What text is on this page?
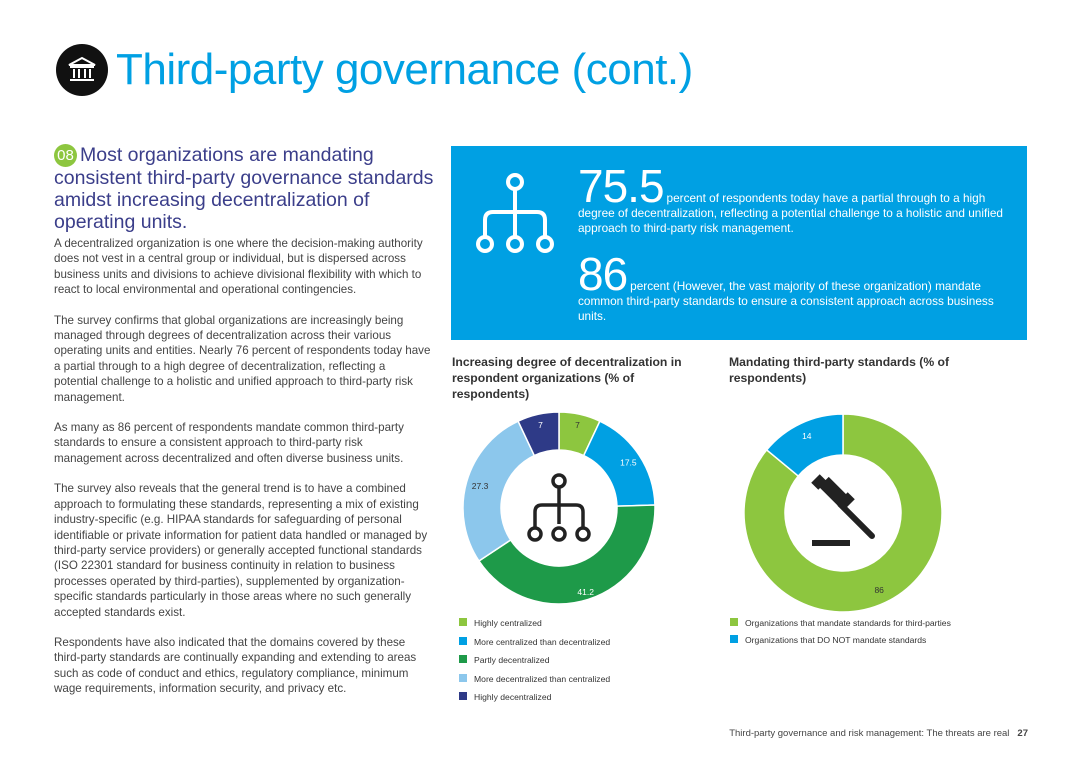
Third-party governance (cont.)
08 Most organizations are mandating consistent third-party governance standards amidst increasing decentralization of operating units.

A decentralized organization is one where the decision-making authority does not vest in a central group or individual, but is dispersed across business units and divisions to achieve divisional flexibility with which to react to local environmental and operational contingencies.

The survey confirms that global organizations are increasingly being managed through degrees of decentralization across their various operating units and entities. Nearly 76 percent of respondents today have a partial through to a high degree of decentralization, reflecting a potential challenge to a holistic and unified approach to third-party risk management.

As many as 86 percent of respondents mandate common third-party standards to ensure a consistent approach to third-party risk management across decentralized and often diverse business units.

The survey also reveals that the general trend is to have a combined approach to formulating these standards, representing a mix of existing industry-specific (e.g. HIPAA standards for safeguarding of personal identifiable or private information for patient data handled or managed by third-party service providers) or generally accepted functional standards (ISO 22301 standard for business continuity in relation to business processes operated by third-parties), supplemented by organization-specific standards particularly in those areas where no such generally accepted standards exist.

Respondents have also indicated that the domains covered by these third-party standards are continually expanding and extending to areas such as code of conduct and ethics, regulatory compliance, minimum wage requirements, information security, and privacy etc.

75.5 percent of respondents today have a partial through to a high degree of decentralization, reflecting a potential challenge to a holistic and unified approach to third-party risk management.
86 percent (However, the vast majority of these organization) mandate common third-party standards to ensure a consistent approach across business units.
Increasing degree of decentralization in respondent organizations (% of respondents)
7
17.5
41.2
27.3
7
Highly centralized
More centralized than decentralized
Partly decentralized
More decentralized than centralized
Highly decentralized
Mandating third-party standards (% of respondents)
86
14
Organizations that mandate standards for third-parties
Organizations that DO NOT mandate standards
Third-party governance and risk management: The threats are real 27
